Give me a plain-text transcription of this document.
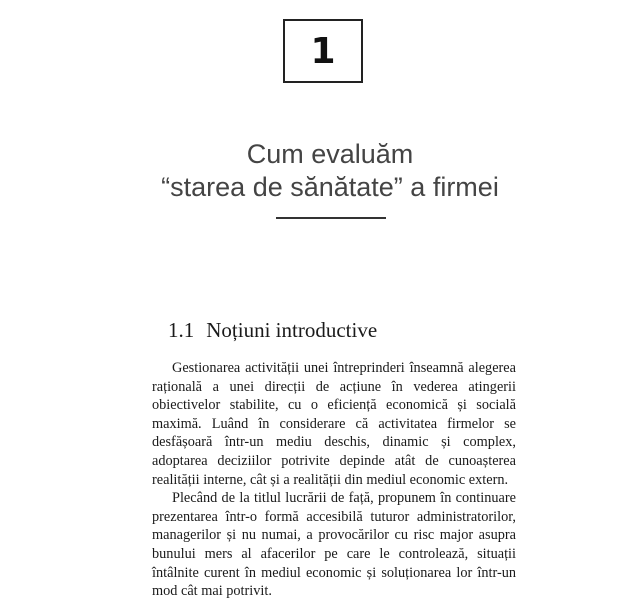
1
Cum evaluăm
“starea de sănătate” a firmei
1.1 Noțiuni introductive

Gestionarea activității unei întreprinderi înseamnă alegerea rațională a unei direcții de acțiune în vederea atingerii obiectivelor stabilite, cu o eficiență economică și socială maximă. Luând în considerare că activitatea firmelor se desfășoară într-un mediu deschis, dinamic și complex, adoptarea deciziilor potrivite depinde atât de cunoașterea realității interne, cât și a realității din mediul economic extern.

Plecând de la titlul lucrării de față, propunem în continuare prezentarea într-o formă accesibilă tuturor administratorilor, managerilor și nu numai, a provocărilor cu risc major asupra bunului mers al afacerilor pe care le controlează, situații întâlnite curent în mediul economic și soluționarea lor într-un mod cât mai potrivit.
